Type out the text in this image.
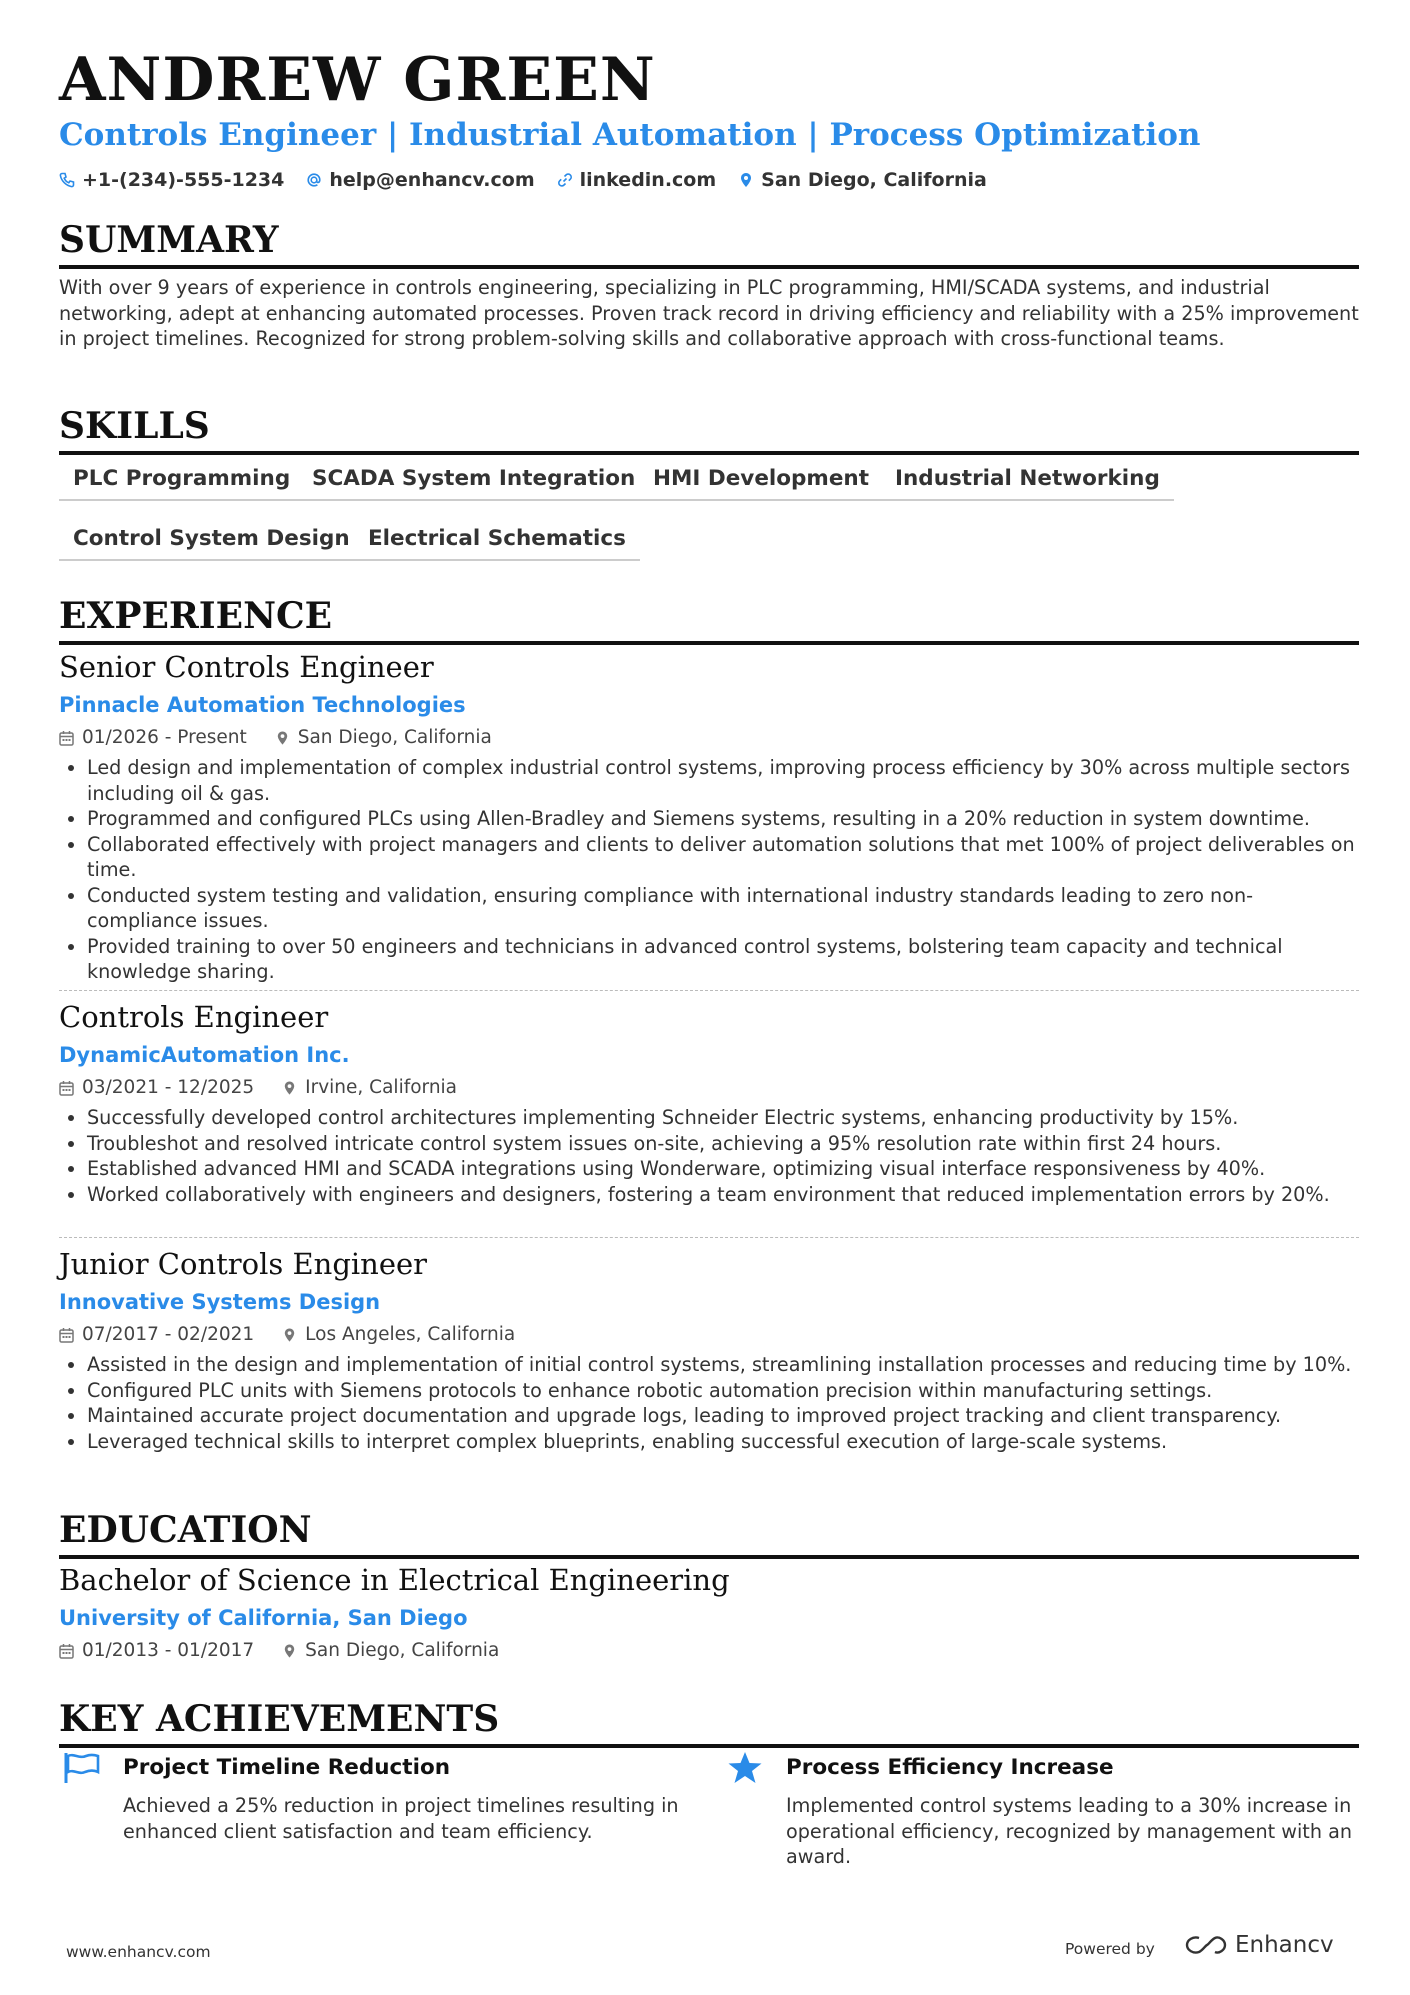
ANDREW GREEN
Controls Engineer | Industrial Automation | Process Optimization
+1-(234)-555-1234 help@enhancv.com linkedin.com San Diego, California
SUMMARY
With over 9 years of experience in controls engineering, specializing in PLC programming, HMI/SCADA systems, and industrial networking, adept at enhancing automated processes. Proven track record in driving efficiency and reliability with a 25% improvement in project timelines. Recognized for strong problem-solving skills and collaborative approach with cross-functional teams.
SKILLS
PLC Programming	SCADA System Integration HMI Development	Industrial Networking
Control System Design Electrical Schematics
EXPERIENCE
Senior Controls Engineer
Pinnacle Automation Technologies
01/2026 - Present	San Diego, California
• Led design and implementation of complex industrial control systems, improving process efficiency by 30% across multiple sectors including oil & gas.
• Programmed and configured PLCs using Allen-Bradley and Siemens systems, resulting in a 20% reduction in system downtime.
• Collaborated effectively with project managers and clients to deliver automation solutions that met 100% of project deliverables on time.
• Conducted system testing and validation, ensuring compliance with international industry standards leading to zero non-compliance issues.
• Provided training to over 50 engineers and technicians in advanced control systems, bolstering team capacity and technical knowledge sharing.
Controls Engineer
DynamicAutomation Inc.
03/2021 - 12/2025	Irvine, California
• Successfully developed control architectures implementing Schneider Electric systems, enhancing productivity by 15%.
• Troubleshot and resolved intricate control system issues on-site, achieving a 95% resolution rate within first 24 hours.
• Established advanced HMI and SCADA integrations using Wonderware, optimizing visual interface responsiveness by 40%.
• Worked collaboratively with engineers and designers, fostering a team environment that reduced implementation errors by 20%.
Junior Controls Engineer
Innovative Systems Design
07/2017 - 02/2021	Los Angeles, California
• Assisted in the design and implementation of initial control systems, streamlining installation processes and reducing time by 10%.
• Configured PLC units with Siemens protocols to enhance robotic automation precision within manufacturing settings.
• Maintained accurate project documentation and upgrade logs, leading to improved project tracking and client transparency.
• Leveraged technical skills to interpret complex blueprints, enabling successful execution of large-scale systems.
EDUCATION
Bachelor of Science in Electrical Engineering
University of California, San Diego
01/2013 - 01/2017	San Diego, California
KEY ACHIEVEMENTS
Project Timeline Reduction
Achieved a 25% reduction in project timelines resulting in enhanced client satisfaction and team efficiency.
Process Efficiency Increase
Implemented control systems leading to a 30% increase in operational efficiency, recognized by management with an award.
www.enhancv.com	Powered by	Enhancv
